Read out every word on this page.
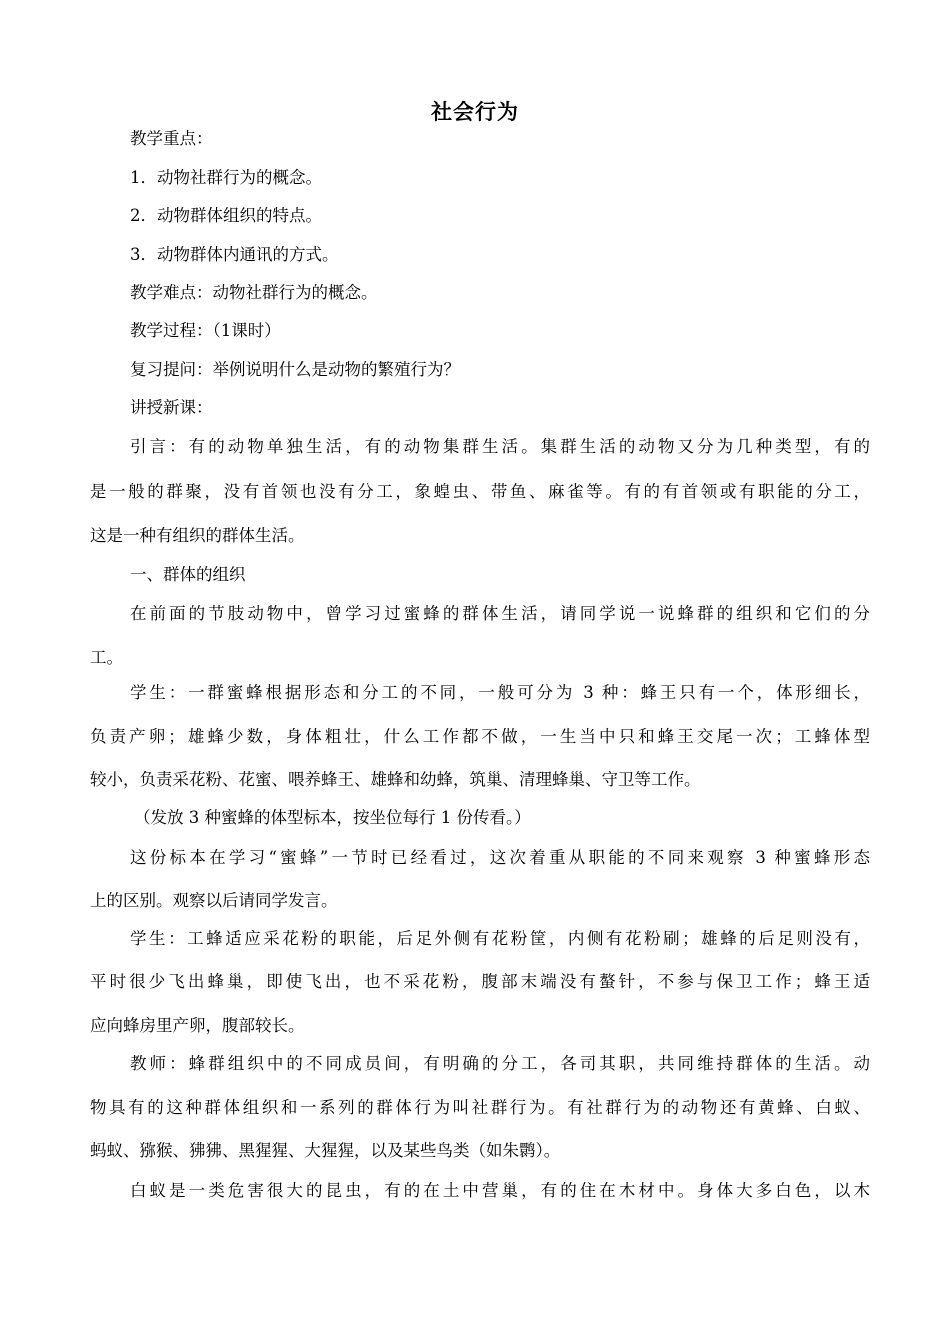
社会行为
教学重点：
1．动物社群行为的概念。
2．动物群体组织的特点。
3．动物群体内通讯的方式。
教学难点：动物社群行为的概念。
教学过程：（1课时）
复习提问：举例说明什么是动物的繁殖行为？
讲授新课：
引言：有的动物单独生活，有的动物集群生活。集群生活的动物又分为几种类型，有的
是一般的群聚，没有首领也没有分工，象蝗虫、带鱼、麻雀等。有的有首领或有职能的分工，
这是一种有组织的群体生活。
一、群体的组织
在前面的节肢动物中，曾学习过蜜蜂的群体生活，请同学说一说蜂群的组织和它们的分
工。
学生：一群蜜蜂根据形态和分工的不同，一般可分为 3 种：蜂王只有一个，体形细长，
负责产卵；雄蜂少数，身体粗壮，什么工作都不做，一生当中只和蜂王交尾一次；工蜂体型
较小，负责采花粉、花蜜、喂养蜂王、雄蜂和幼蜂，筑巢、清理蜂巢、守卫等工作。
（发放 3 种蜜蜂的体型标本，按坐位每行 1 份传看。）
这份标本在学习“蜜蜂”一节时已经看过，这次着重从职能的不同来观察 3 种蜜蜂形态
上的区别。观察以后请同学发言。
学生：工蜂适应采花粉的职能，后足外侧有花粉筐，内侧有花粉刷；雄蜂的后足则没有，
平时很少飞出蜂巢，即使飞出，也不采花粉，腹部末端没有螯针，不参与保卫工作；蜂王适
应向蜂房里产卵，腹部较长。
教师：蜂群组织中的不同成员间，有明确的分工，各司其职，共同维持群体的生活。动
物具有的这种群体组织和一系列的群体行为叫社群行为。有社群行为的动物还有黄蜂、白蚁、
蚂蚁、猕猴、狒狒、黑猩猩、大猩猩，以及某些鸟类（如朱鹮）。
白蚁是一类危害很大的昆虫，有的在土中营巢，有的住在木材中。身体大多白色，以木
